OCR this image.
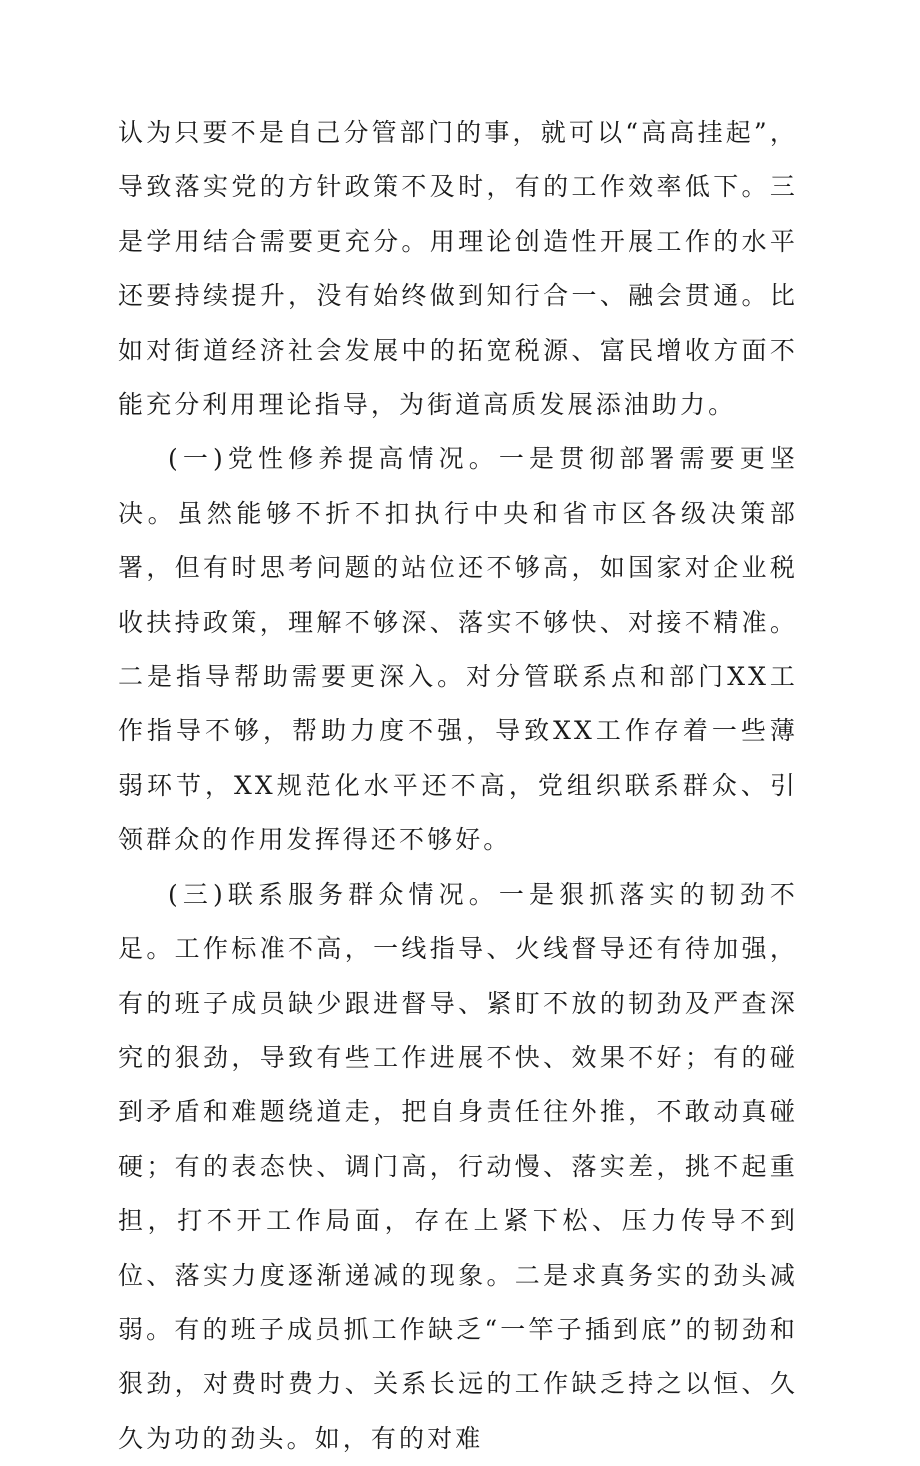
认为只要不是自己分管部门的事，就可以“高高挂起”，导致落实党的方针政策不及时，有的工作效率低下。三是学用结合需要更充分。用理论创造性开展工作的水平还要持续提升，没有始终做到知行合一、融会贯通。比如对街道经济社会发展中的拓宽税源、富民增收方面不能充分利用理论指导，为街道高质发展添油助力。

(一)党性修养提高情况。一是贯彻部署需要更坚决。虽然能够不折不扣执行中央和省市区各级决策部署，但有时思考问题的站位还不够高，如国家对企业税收扶持政策，理解不够深、落实不够快、对接不精准。二是指导帮助需要更深入。对分管联系点和部门XX工作指导不够，帮助力度不强，导致XX工作存着一些薄弱环节，XX规范化水平还不高，党组织联系群众、引领群众的作用发挥得还不够好。

(三)联系服务群众情况。一是狠抓落实的韧劲不足。工作标准不高，一线指导、火线督导还有待加强，有的班子成员缺少跟进督导、紧盯不放的韧劲及严查深究的狠劲，导致有些工作进展不快、效果不好；有的碰到矛盾和难题绕道走，把自身责任往外推，不敢动真碰硬；有的表态快、调门高，行动慢、落实差，挑不起重担，打不开工作局面，存在上紧下松、压力传导不到位、落实力度逐渐递减的现象。二是求真务实的劲头减弱。有的班子成员抓工作缺乏“一竿子插到底”的韧劲和狠劲，对费时费力、关系长远的工作缺乏持之以恒、久久为功的劲头。如，有的对难
